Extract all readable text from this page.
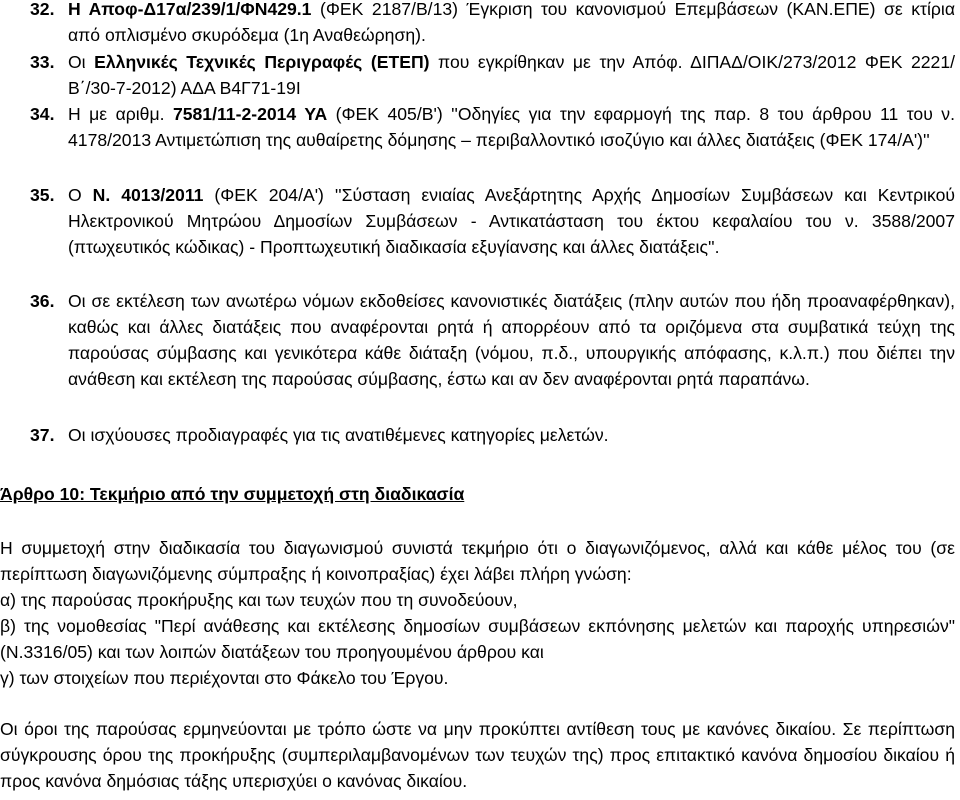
32. Η Αποφ-Δ17α/239/1/ΦΝ429.1 (ΦΕΚ 2187/Β/13) Έγκριση του κανονισμού Επεμβάσεων (ΚΑΝ.ΕΠΕ) σε κτίρια από οπλισμένο σκυρόδεμα (1η Αναθεώρηση).
33. Οι Ελληνικές Τεχνικές Περιγραφές (ΕΤΕΠ) που εγκρίθηκαν με την Απόφ. ΔΙΠΑΔ/ΟΙΚ/273/2012 ΦΕΚ 2221/Β΄/30-7-2012) ΑΔΑ Β4Γ71-19Ι
34. Η με αριθμ. 7581/11-2-2014 ΥΑ (ΦΕΚ 405/Β') ''Οδηγίες για την εφαρμογή της παρ. 8 του άρθρου 11 του ν. 4178/2013 Αντιμετώπιση της αυθαίρετης δόμησης – περιβαλλοντικό ισοζύγιο και άλλες διατάξεις (ΦΕΚ 174/Α')''
35. Ο Ν. 4013/2011 (ΦΕΚ 204/Α') ''Σύσταση ενιαίας Ανεξάρτητης Αρχής Δημοσίων Συμβάσεων και Κεντρικού Ηλεκτρονικού Μητρώου Δημοσίων Συμβάσεων - Αντικατάσταση του έκτου κεφαλαίου του ν. 3588/2007 (πτωχευτικός κώδικας) - Προπτωχευτική διαδικασία εξυγίανσης και άλλες διατάξεις''.
36. Οι σε εκτέλεση των ανωτέρω νόμων εκδοθείσες κανονιστικές διατάξεις (πλην αυτών που ήδη προαναφέρθηκαν), καθώς και άλλες διατάξεις που αναφέρονται ρητά ή απορρέουν από τα οριζόμενα στα συμβατικά τεύχη της παρούσας σύμβασης και γενικότερα κάθε διάταξη (νόμου, π.δ., υπουργικής απόφασης, κ.λ.π.) που διέπει την ανάθεση και εκτέλεση της παρούσας σύμβασης, έστω και αν δεν αναφέρονται ρητά παραπάνω.
37. Οι ισχύουσες προδιαγραφές για τις ανατιθέμενες κατηγορίες μελετών.
Άρθρο 10: Τεκμήριο από την συμμετοχή στη διαδικασία
Η συμμετοχή στην διαδικασία του διαγωνισμού συνιστά τεκμήριο ότι ο διαγωνιζόμενος, αλλά και κάθε μέλος του (σε περίπτωση διαγωνιζόμενης σύμπραξης ή κοινοπραξίας) έχει λάβει πλήρη γνώση:
α) της παρούσας προκήρυξης και των τευχών που τη συνοδεύουν,
β) της νομοθεσίας "Περί ανάθεσης και εκτέλεσης δημοσίων συμβάσεων εκπόνησης μελετών και παροχής υπηρεσιών" (Ν.3316/05) και των λοιπών διατάξεων του προηγουμένου άρθρου και
γ) των στοιχείων που περιέχονται στο Φάκελο του Έργου.
Οι όροι της παρούσας ερμηνεύονται με τρόπο ώστε να μην προκύπτει αντίθεση τους με κανόνες δικαίου. Σε περίπτωση σύγκρουσης όρου της προκήρυξης (συμπεριλαμβανομένων των τευχών της) προς επιτακτικό κανόνα δημοσίου δικαίου ή προς κανόνα δημόσιας τάξης υπερισχύει ο κανόνας δικαίου.
